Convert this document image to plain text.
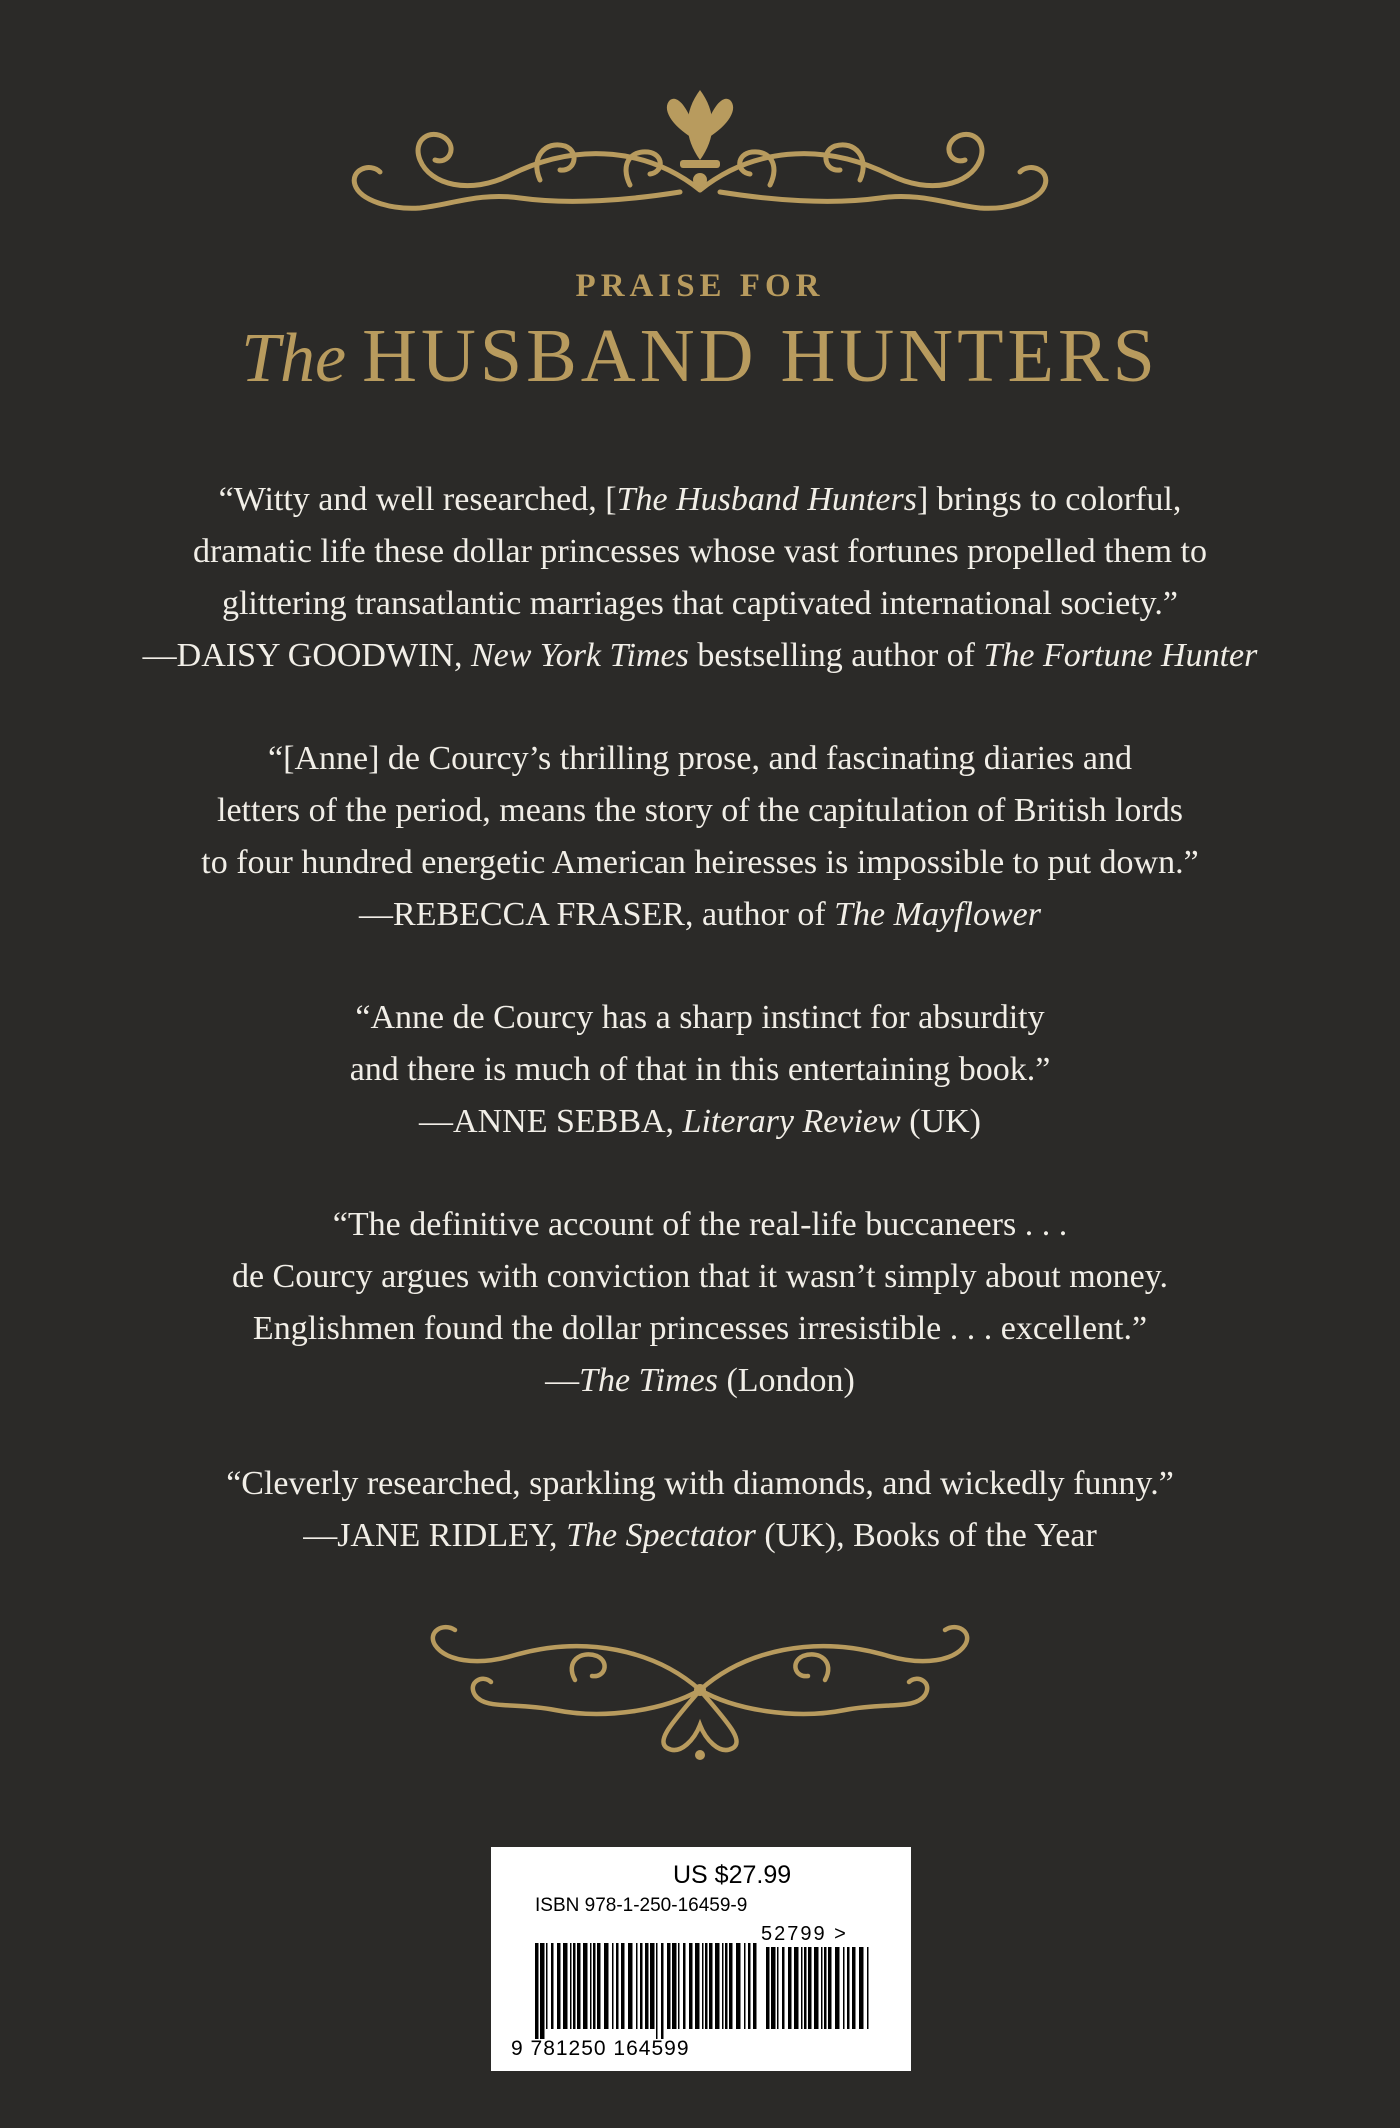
PRAISE FOR
The HUSBAND HUNTERS
“Witty and well researched, [The Husband Hunters] brings to colorful,
dramatic life these dollar princesses whose vast fortunes propelled them to
glittering transatlantic marriages that captivated international society.”
—DAISY GOODWIN, New York Times bestselling author of The Fortune Hunter
“[Anne] de Courcy’s thrilling prose, and fascinating diaries and
letters of the period, means the story of the capitulation of British lords
to four hundred energetic American heiresses is impossible to put down.”
—REBECCA FRASER, author of The Mayflower
“Anne de Courcy has a sharp instinct for absurdity
and there is much of that in this entertaining book.”
—ANNE SEBBA, Literary Review (UK)
“The definitive account of the real-life buccaneers . . .
de Courcy argues with conviction that it wasn’t simply about money.
Englishmen found the dollar princesses irresistible . . . excellent.”
—The Times (London)
“Cleverly researched, sparkling with diamonds, and wickedly funny.”
—JANE RIDLEY, The Spectator (UK), Books of the Year
US $27.99
ISBN 978-1-250-16459-9
52799 >
9 781250 164599
